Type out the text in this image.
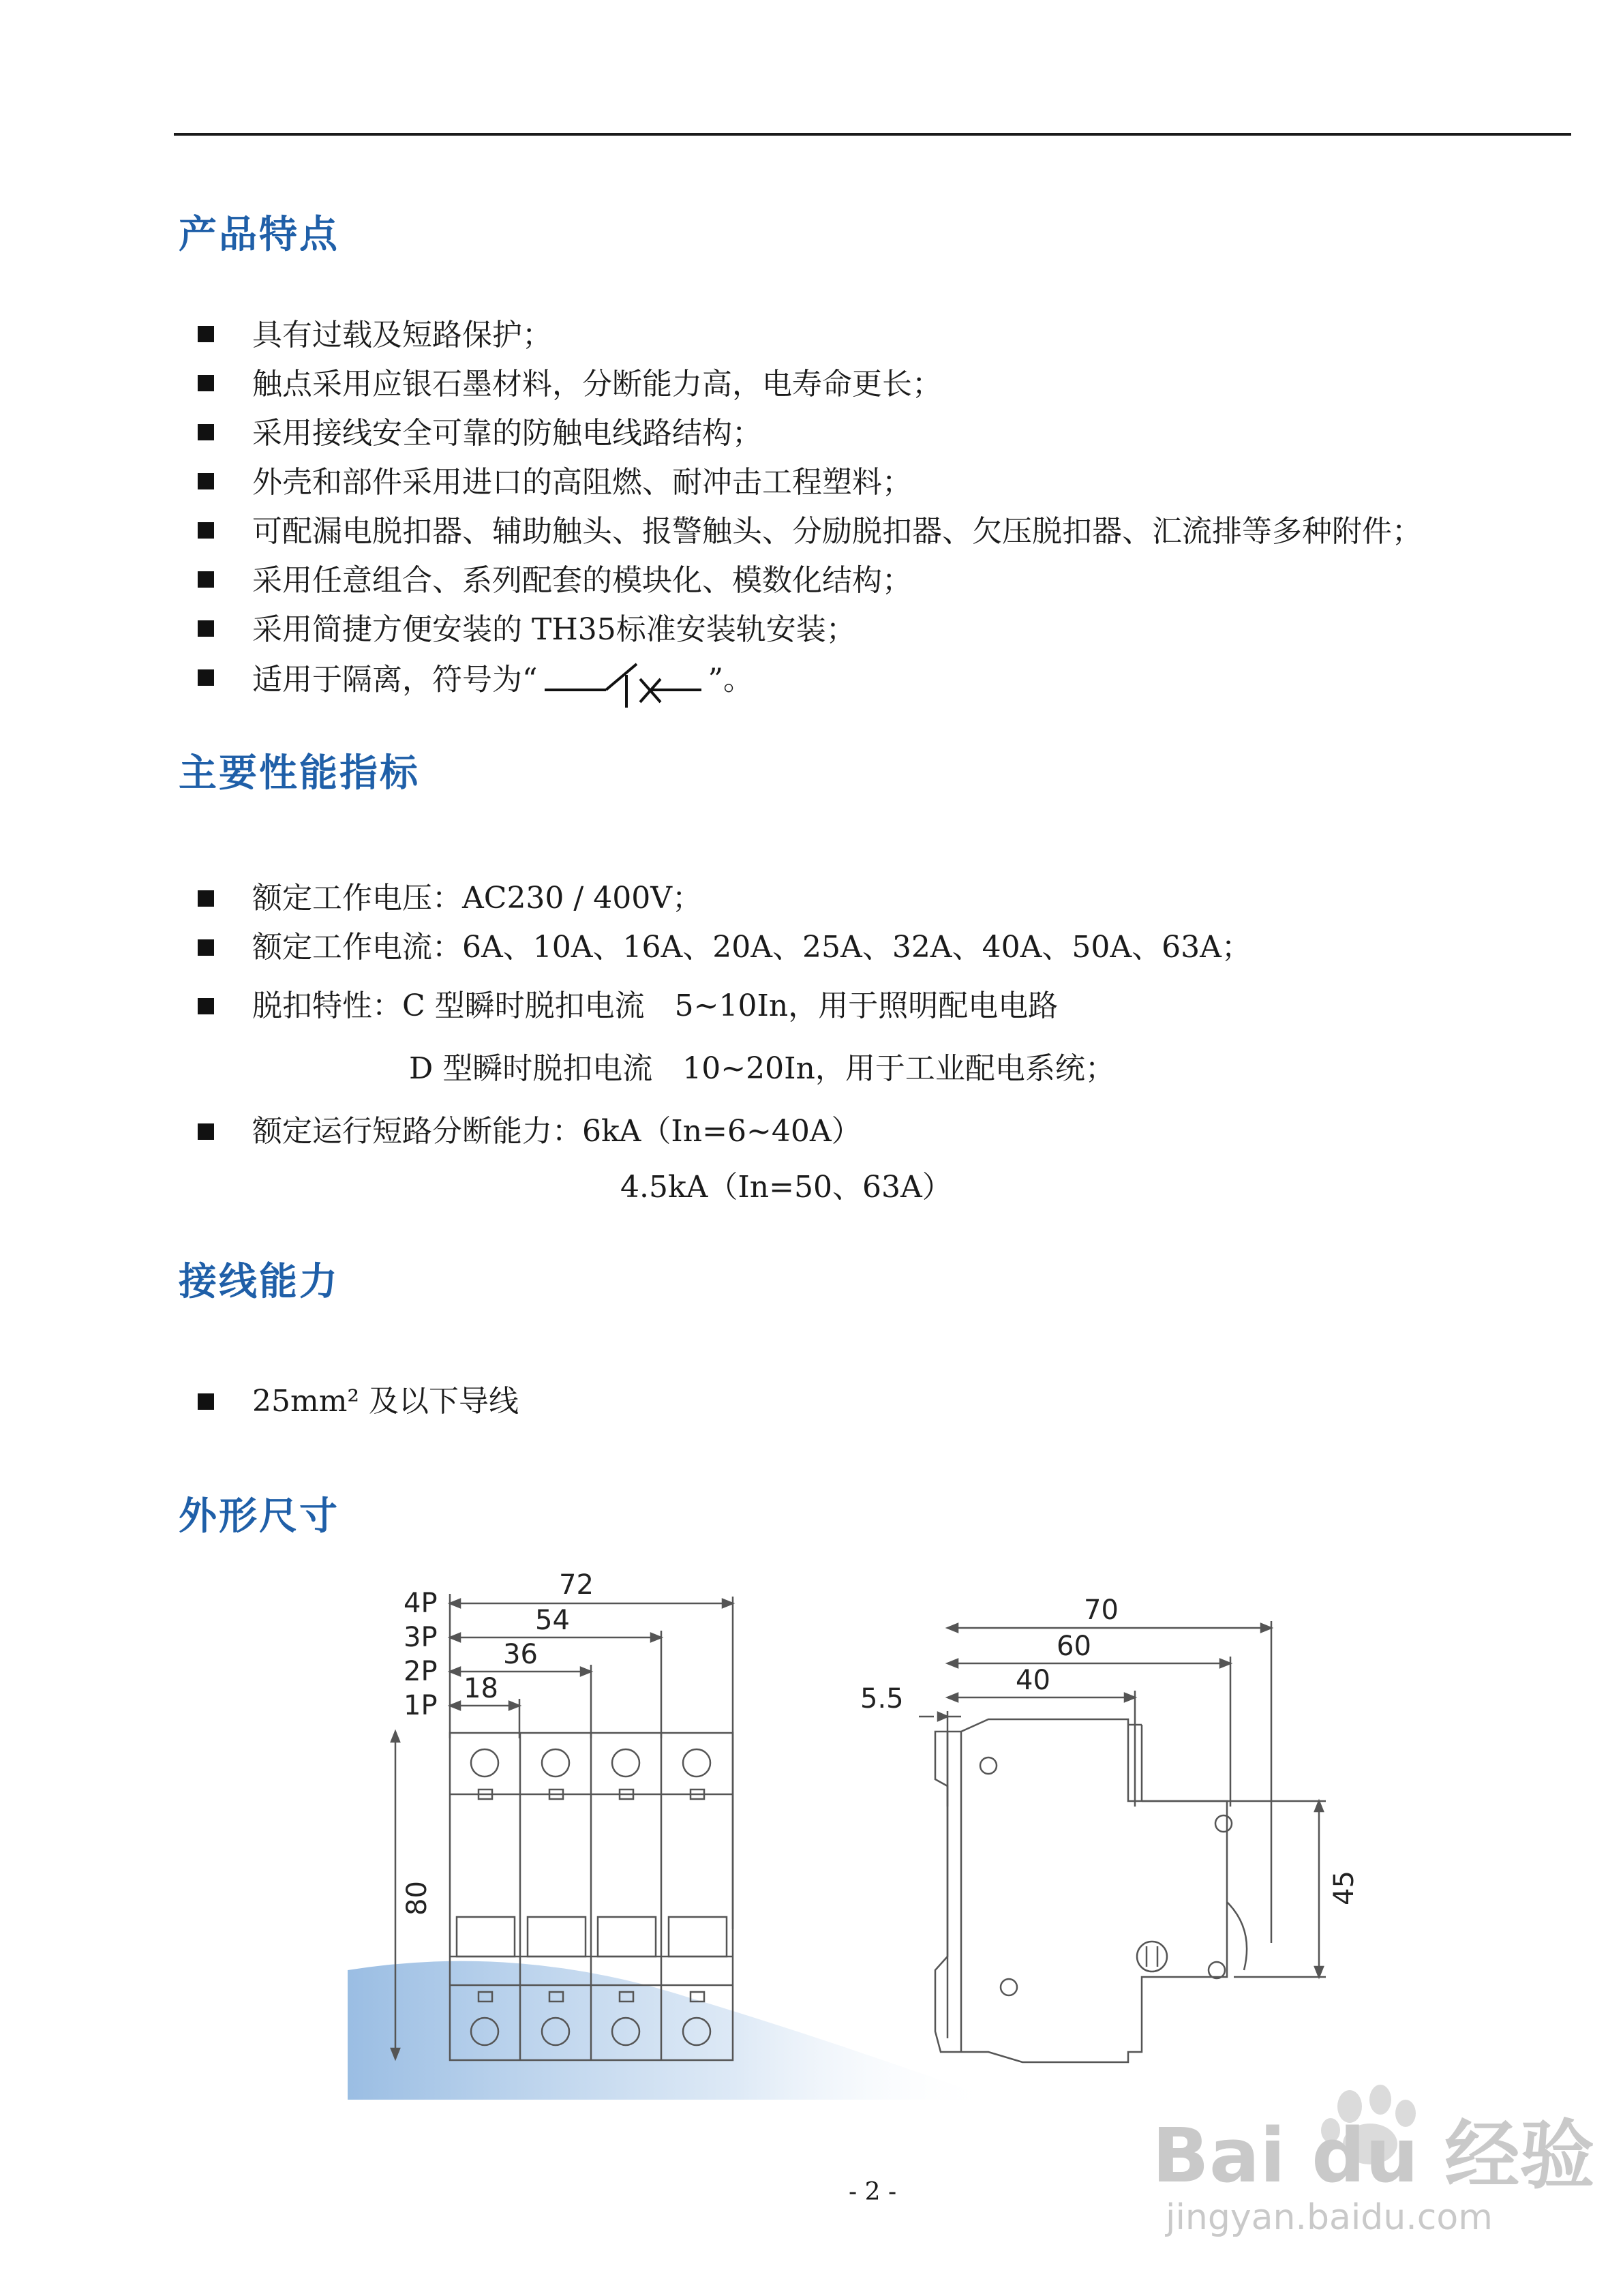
产品特点
具有过载及短路保护；
触点采用应银石墨材料，分断能力高，电寿命更长；
采用接线安全可靠的防触电线路结构；
外壳和部件采用进口的高阻燃、耐冲击工程塑料；
可配漏电脱扣器、辅助触头、报警触头、分励脱扣器、欠压脱扣器、汇流排等多种附件；
采用任意组合、系列配套的模块化、模数化结构；
采用简捷方便安装的 TH35标准安装轨安装；
适用于隔离，符号为“	”。
主要性能指标
额定工作电压：AC230 / 400V；
额定工作电流：6A、10A、16A、20A、25A、32A、40A、50A、63A；
脱扣特性：C 型瞬时脱扣电流　5~10In，用于照明配电电路
D 型瞬时脱扣电流　10~20In，用于工业配电系统；
额定运行短路分断能力：6kA（In=6~40A）
4.5kA（In=50、63A）
接线能力
25mm² 及以下导线
外形尺寸
4P
3P
2P
1P
72
54
36
18
80
70
60
40
5.5
45
- 2 -	Bai du 经验
jingyan.baidu.com
